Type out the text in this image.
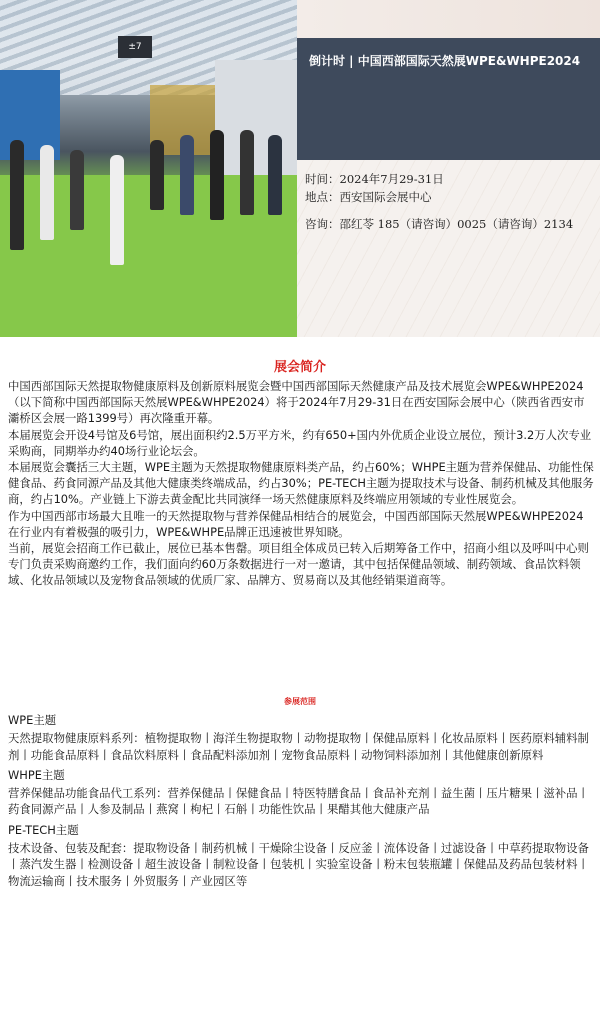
±7
倒计时 | 中国西部国际天然展WPE&WHPE2024
时间：2024年7月29-31日
地点：西安国际会展中心
咨询：邵红苓 185（请咨询）0025（请咨询）2134
展会简介

中国西部国际天然提取物健康原料及创新原料展览会暨中国西部国际天然健康产品及技术展览会WPE&WHPE2024（以下简称中国西部国际天然展WPE&WHPE2024）将于2024年7月29-31日在西安国际会展中心（陕西省西安市灞桥区会展一路1399号）再次隆重开幕。

本届展览会开设4号馆及6号馆，展出面积约2.5万平方米，约有650+国内外优质企业设立展位，预计3.2万人次专业采购商，同期举办约40场行业论坛会。

本届展览会囊括三大主题，WPE主题为天然提取物健康原料类产品，约占60%；WHPE主题为营养保健品、功能性保健食品、药食同源产品及其他大健康类终端成品，约占30%；PE-TECH主题为提取技术与设备、制药机械及其他服务商，约占10%。产业链上下游去黄金配比共同演绎一场天然健康原料及终端应用领域的专业性展览会。

作为中国西部市场最大且唯一的天然提取物与营养保健品相结合的展览会，中国西部国际天然展WPE&WHPE2024在行业内有着极强的吸引力，WPE&WHPE品牌正迅速被世界知晓。

当前，展览会招商工作已截止，展位已基本售罄。项目组全体成员已转入后期筹备工作中，招商小组以及呼叫中心则专门负责采购商邀约工作，我们面向约60万条数据进行一对一邀请，其中包括保健品领域、制药领域、食品饮料领域、化妆品领域以及宠物食品领域的优质厂家、品牌方、贸易商以及其他经销渠道商等。

参展范围
WPE主题
天然提取物健康原料系列：植物提取物丨海洋生物提取物丨动物提取物丨保健品原料丨化妆品原料丨医药原料辅料制剂丨功能食品原料丨食品饮料原料丨食品配料添加剂丨宠物食品原料丨动物饲料添加剂丨其他健康创新原料
WHPE主题
营养保健品功能食品代工系列：营养保健品丨保健食品丨特医特膳食品丨食品补充剂丨益生菌丨压片糖果丨滋补品丨药食同源产品丨人参及制品丨燕窝丨枸杞丨石斛丨功能性饮品丨果醋其他大健康产品
PE-TECH主题
技术设备、包装及配套：提取物设备丨制药机械丨干燥除尘设备丨反应釜丨流体设备丨过滤设备丨中草药提取物设备丨蒸汽发生器丨检测设备丨超生波设备丨制粒设备丨包装机丨实验室设备丨粉末包装瓶罐丨保健品及药品包装材料丨物流运输商丨技术服务丨外贸服务丨产业园区等
